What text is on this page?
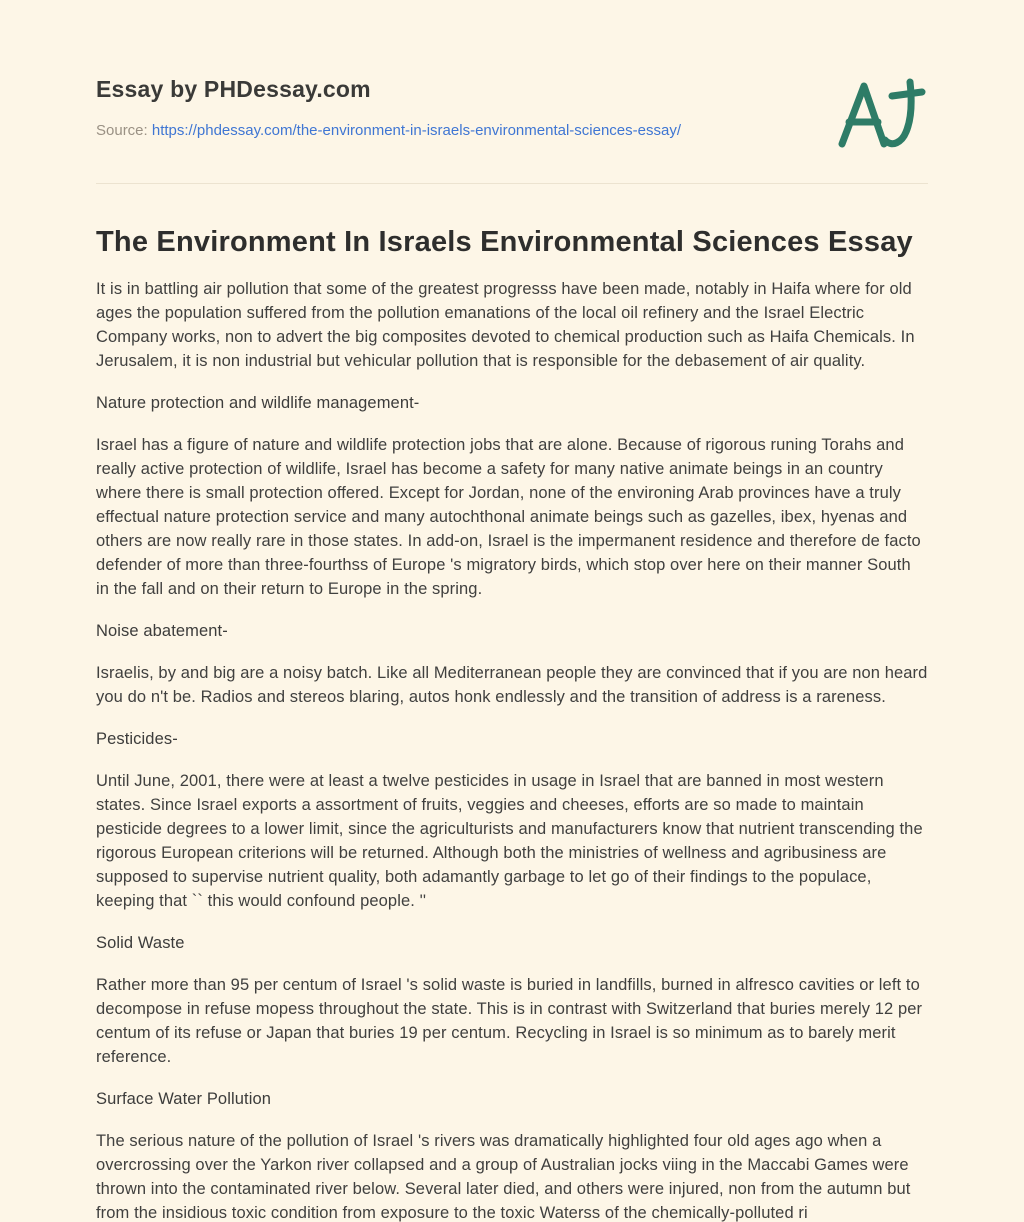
Essay by PHDessay.com
Source: https://phdessay.com/the-environment-in-israels-environmental-sciences-essay/
The Environment In Israels Environmental Sciences Essay

It is in battling air pollution that some of the greatest progresss have been made, notably in Haifa where for old ages the population suffered from the pollution emanations of the local oil refinery and the Israel Electric Company works, non to advert the big composites devoted to chemical production such as Haifa Chemicals. In Jerusalem, it is non industrial but vehicular pollution that is responsible for the debasement of air quality.

Nature protection and wildlife management-

Israel has a figure of nature and wildlife protection jobs that are alone. Because of rigorous runing Torahs and really active protection of wildlife, Israel has become a safety for many native animate beings in an country where there is small protection offered. Except for Jordan, none of the environing Arab provinces have a truly effectual nature protection service and many autochthonal animate beings such as gazelles, ibex, hyenas and others are now really rare in those states. In add-on, Israel is the impermanent residence and therefore de facto defender of more than three-fourthss of Europe 's migratory birds, which stop over here on their manner South in the fall and on their return to Europe in the spring.

Noise abatement-

Israelis, by and big are a noisy batch. Like all Mediterranean people they are convinced that if you are non heard you do n't be. Radios and stereos blaring, autos honk endlessly and the transition of address is a rareness.

Pesticides-

Until June, 2001, there were at least a twelve pesticides in usage in Israel that are banned in most western states. Since Israel exports a assortment of fruits, veggies and cheeses, efforts are so made to maintain pesticide degrees to a lower limit, since the agriculturists and manufacturers know that nutrient transcending the rigorous European criterions will be returned. Although both the ministries of wellness and agribusiness are supposed to supervise nutrient quality, both adamantly garbage to let go of their findings to the populace, keeping that `` this would confound people. ''

Solid Waste

Rather more than 95 per centum of Israel 's solid waste is buried in landfills, burned in alfresco cavities or left to decompose in refuse mopess throughout the state. This is in contrast with Switzerland that buries merely 12 per centum of its refuse or Japan that buries 19 per centum. Recycling in Israel is so minimum as to barely merit reference.

Surface Water Pollution

The serious nature of the pollution of Israel 's rivers was dramatically highlighted four old ages ago when a overcrossing over the Yarkon river collapsed and a group of Australian jocks viing in the Maccabi Games were thrown into the contaminated river below. Several later died, and others were injured, non from the autumn but from the insidious toxic condition from exposure to the toxic Waterss of the chemically-polluted ri
